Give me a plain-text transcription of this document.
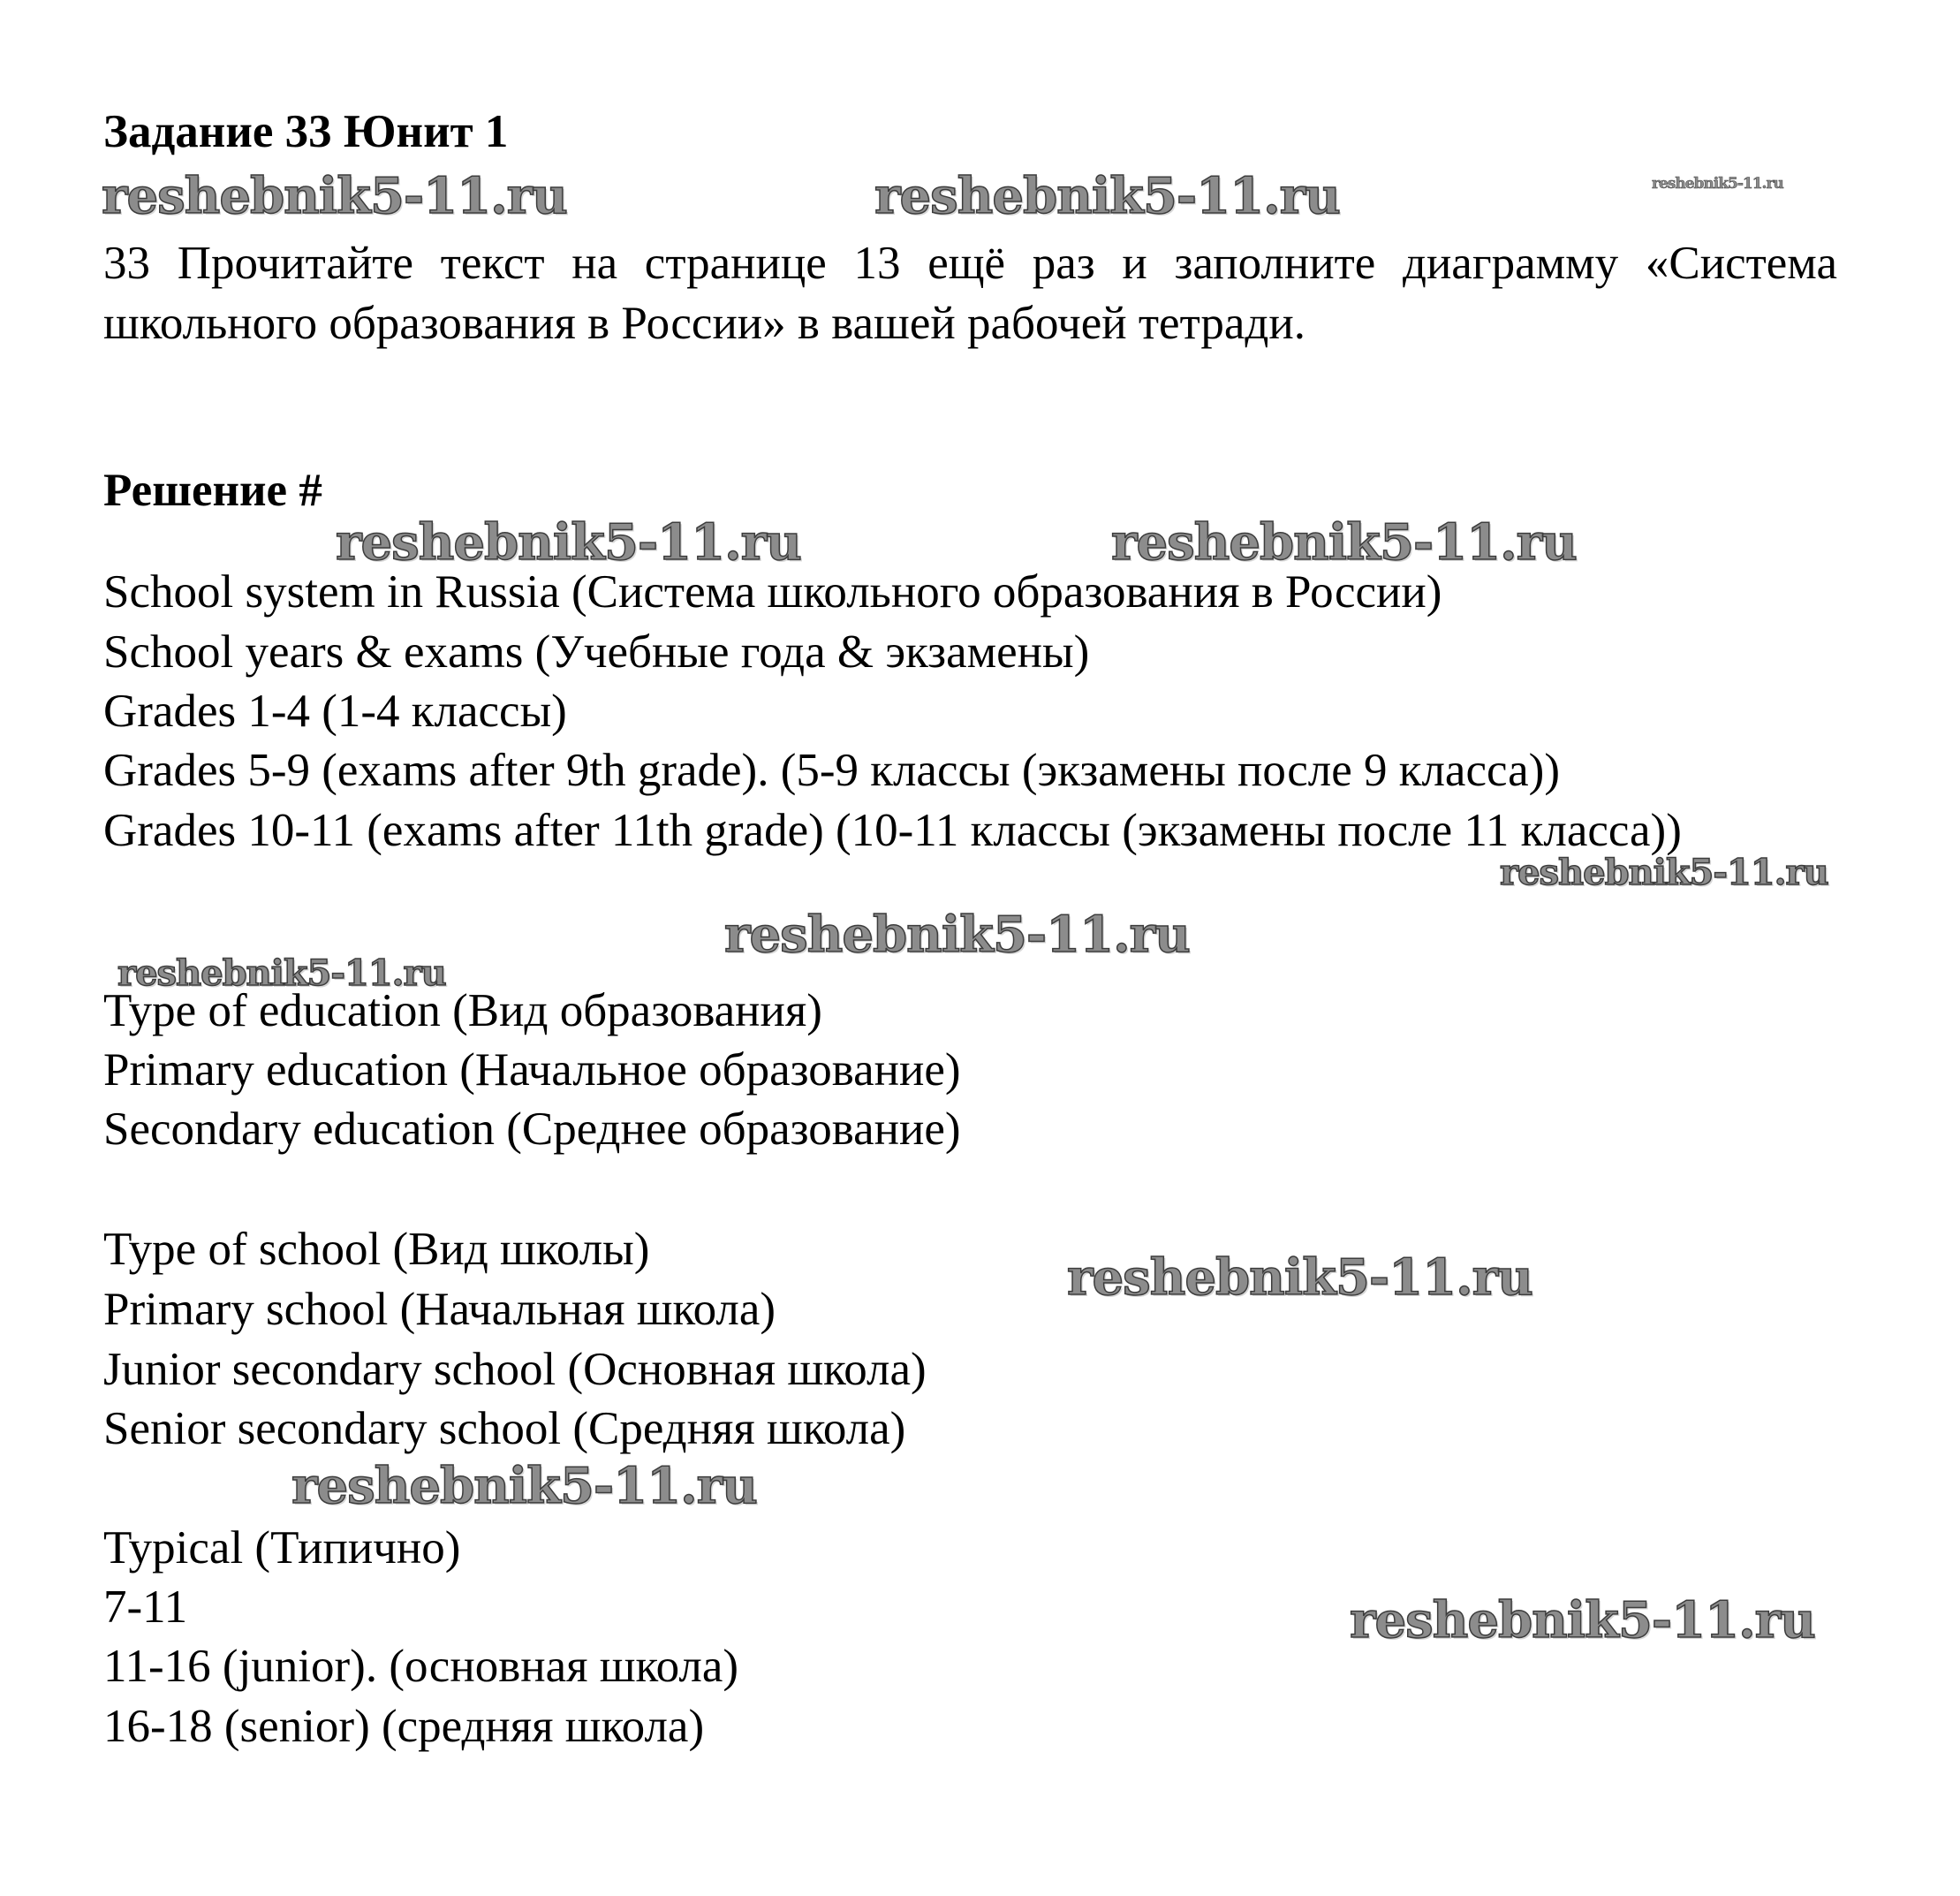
Задание 33 Юнит 1
reshebnik5-11.ru	reshebnik5-11.ru	reshebnik5-11.ru
33 Прочитайте текст на странице 13 ещё раз и заполните диаграмму «Система школьного образования в России» в вашей рабочей тетради.
Решение #
reshebnik5-11.ru	reshebnik5-11.ru
School system in Russia (Система школьного образования в России)
School years & exams (Учебные года & экзамены)
Grades 1-4 (1-4 классы)
Grades 5-9 (exams after 9th grade). (5-9 классы (экзамены после 9 класса))
Grades 10-11 (exams after 11th grade) (10-11 классы (экзамены после 11 класса))
reshebnik5-11.ru
reshebnik5-11.ru
reshebnik5-11.ru
Type of education (Вид образования)
Primary education (Начальное образование)
Secondary education (Среднее образование)
Type of school (Вид школы)	reshebnik5-11.ru
Primary school (Начальная школа)
Junior secondary school (Основная школа)
Senior secondary school (Средняя школа)
reshebnik5-11.ru
Typical (Типично)
7-11	reshebnik5-11.ru
11-16 (junior). (основная школа)
16-18 (senior) (средняя школа)
